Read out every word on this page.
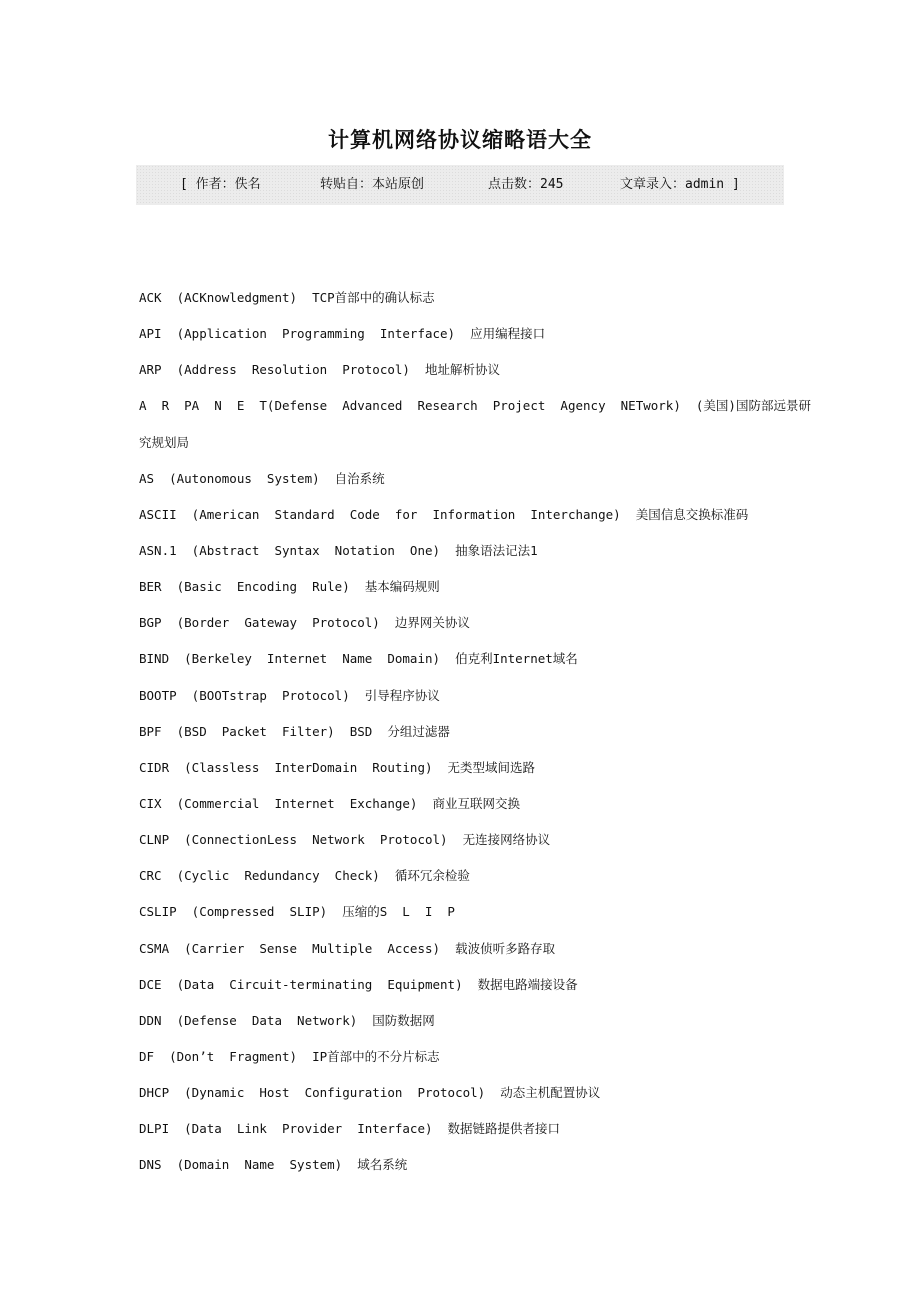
计算机网络协议缩略语大全

[ 作者：佚名

	转贴自：本站原创

	点击数：245

	文章录入：admin ]

ACK  (ACKnowledgment)  TCP首部中的确认标志
API  (Application  Programming  Interface)  应用编程接口
ARP  (Address  Resolution  Protocol)  地址解析协议
A  R  PA  N  E  T(Defense  Advanced  Research  Project  Agency  NETwork)  (美国)国防部远景研
究规划局
AS  (Autonomous  System)  自治系统
ASCII  (American  Standard  Code  for  Information  Interchange)  美国信息交换标准码
ASN.1  (Abstract  Syntax  Notation  One)  抽象语法记法1
BER  (Basic  Encoding  Rule)  基本编码规则
BGP  (Border  Gateway  Protocol)  边界网关协议
BIND  (Berkeley  Internet  Name  Domain)  伯克利Internet域名
BOOTP  (BOOTstrap  Protocol)  引导程序协议
BPF  (BSD  Packet  Filter)  BSD  分组过滤器
CIDR  (Classless  InterDomain  Routing)  无类型域间选路
CIX  (Commercial  Internet  Exchange)  商业互联网交换
CLNP  (ConnectionLess  Network  Protocol)  无连接网络协议
CRC  (Cyclic  Redundancy  Check)  循环冗余检验
CSLIP  (Compressed  SLIP)  压缩的S  L  I  P
CSMA  (Carrier  Sense  Multiple  Access)  载波侦听多路存取
DCE  (Data  Circuit-terminating  Equipment)  数据电路端接设备
DDN  (Defense  Data  Network)  国防数据网
DF  (Don’t  Fragment)  IP首部中的不分片标志
DHCP  (Dynamic  Host  Configuration  Protocol)  动态主机配置协议
DLPI  (Data  Link  Provider  Interface)  数据链路提供者接口
DNS  (Domain  Name  System)  域名系统
